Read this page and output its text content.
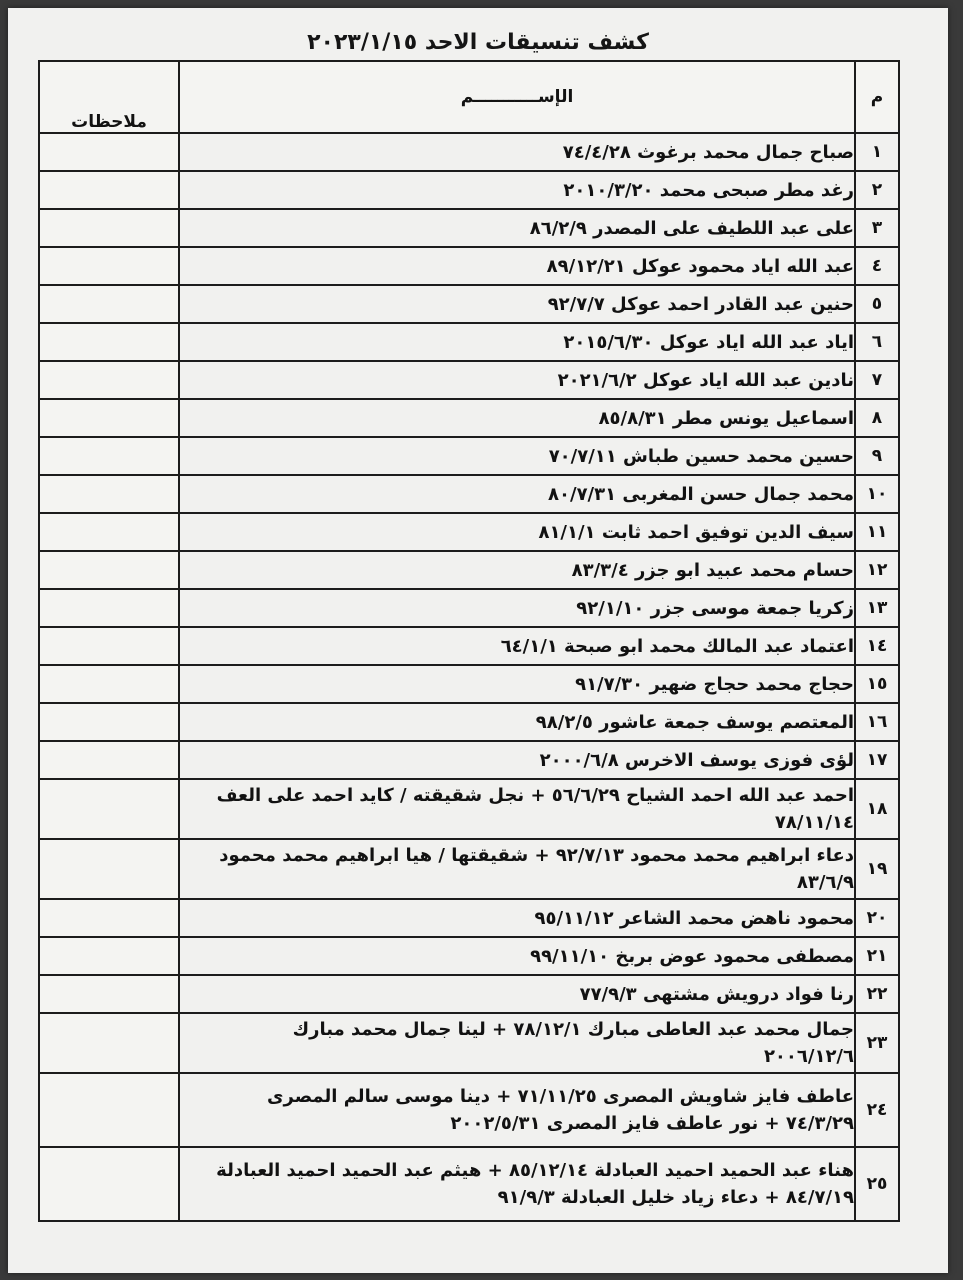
كشف تنسيقات الاحد ٢٠٢٣/١/١٥
م	الإســـــــــــم	ملاحظات
١	صباح جمال محمد برغوث ٧٤/٤/٢٨	

٢	رغد مطر صبحى محمد ٢٠١٠/٣/٢٠	

٣	على عبد اللطيف على المصدر ٨٦/٢/٩	

٤	عبد الله اياد محمود عوكل ٨٩/١٢/٢١	

٥	حنين عبد القادر احمد عوكل ٩٢/٧/٧	

٦	اياد عبد الله اياد عوكل ٢٠١٥/٦/٣٠	

٧	نادين عبد الله اياد عوكل ٢٠٢١/٦/٢	

٨	اسماعيل يونس مطر ٨٥/٨/٣١	

٩	حسين محمد حسين طباش ٧٠/٧/١١	

١٠	محمد جمال حسن المغربى ٨٠/٧/٣١	

١١	سيف الدين توفيق احمد ثابت ٨١/١/١	

١٢	حسام محمد عبيد ابو جزر ٨٣/٣/٤	

١٣	زكريا جمعة موسى جزر ٩٢/١/١٠	

١٤	اعتماد عبد المالك محمد ابو صبحة ٦٤/١/١	

١٥	حجاج محمد حجاج ضهير ٩١/٧/٣٠	

١٦	المعتصم يوسف جمعة عاشور ٩٨/٢/٥	

١٧	لؤى فوزى يوسف الاخرس ٢٠٠٠/٦/٨	

١٨	احمد عبد الله احمد الشياح ٥٦/٦/٢٩ + نجل شقيقته / كايد احمد على العف
٧٨/١١/١٤	

١٩	دعاء ابراهيم محمد محمود ٩٢/٧/١٣ + شقيقتها / هيا ابراهيم محمد محمود
٨٣/٦/٩	

٢٠	محمود ناهض محمد الشاعر ٩٥/١١/١٢	

٢١	مصطفى محمود عوض بربخ ٩٩/١١/١٠	

٢٢	رنا فواد درويش مشتهى ٧٧/٩/٣	

٢٣	جمال محمد عبد العاطى مبارك ٧٨/١٢/١ + لينا جمال محمد مبارك
٢٠٠٦/١٢/٦	

٢٤	عاطف فايز شاويش المصرى ٧١/١١/٢٥ + دينا موسى سالم المصرى
٧٤/٣/٢٩ + نور عاطف فايز المصرى ٢٠٠٢/٥/٣١	

٢٥	هناء عبد الحميد احميد العبادلة ٨٥/١٢/١٤ + هيثم عبد الحميد احميد العبادلة
٨٤/٧/١٩ + دعاء زياد خليل العبادلة ٩١/٩/٣	
